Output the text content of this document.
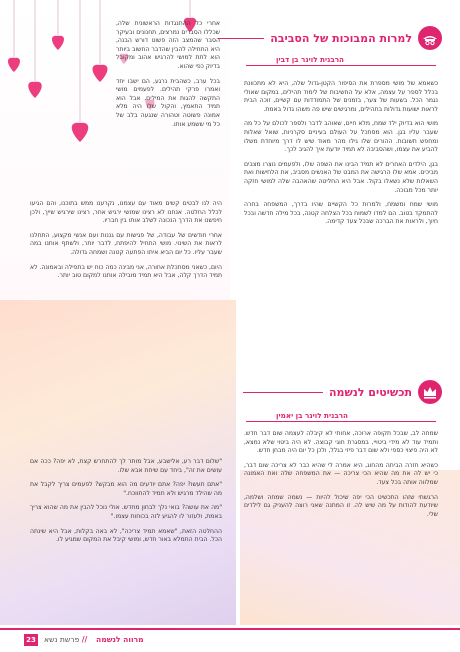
למרות המבוכות של הסביבה
הרבנית לוינר בן דבין

כשאמא של מושי מספרת את הסיפור הקטן-גדול שלה, היא לא מתכוונת בכלל לספר על עצמה, אלא על החשיבות של לימוד תהילים, במקום שאולי נגמר הכל. בשעות של צער, בזמנים של התמודדות עם קשיים, זוכה הבית לראות ישועות גדולות בתהילים, ומרגישים שיש פה משהו גדול באמת.

מושי הוא בדיוק ילד שמח, מלא חיים, שאוהב לדבר ולספר לכולם על כל מה שעבר עליו בגן. הוא מסתכל על העולם בעיניים סקרניות, שואל שאלות ומחפש תשובות. ההורים שלו גילו מהר מאוד שיש לו דרך מיוחדת משלו להביע את עצמו, ושהסביבה לא תמיד יודעת איך להגיב לכך.

בגן, הילדים האחרים לא תמיד הבינו את השפה שלו, ולפעמים נוצרו מצבים מביכים. אמא שלו הרגישה את המבט של האנשים מסביב, את הלחישות ואת השאלות שלא נשאלו בקול. אבל היא החליטה שהאהבה שלה למושי חזקה יותר מכל מבוכה.

מושי שמח ומשמח, ולמרות כל הקשיים שהיו בדרך, המשפחה בחרה להתמקד בטוב. הם למדו לשמוח בכל הצלחה קטנה, בכל מילה חדשה ובכל חיוך, ולראות את הברכה שבכל צעד קדימה.

אחרי כל ההתנגדות הראשונית שלה, שכללו הסברים נמרצים, תחנונים ובעיקר הסבר שהמצב הזה פשוט דורש הבנה, היא התחילה להבין שהדבר החשוב ביותר הוא לתת למושי להרגיש אהוב ומקובל בדיוק כפי שהוא.

בכל ערב, כשהבית נרגע, הם ישבו יחד ואמרו פרקי תהילים. לפעמים מושי התקשה להגות את המילים, אבל הוא תמיד התאמץ, והקול שלו היה מלא אמונה פשוטה וטהורה שנגעה בלב של כל מי ששמע אותו.

היה לנו לבטים קשים מאוד עם עצמנו, נקרענו ממש בתוכנו, והם הגיעו לכלל החלטה. אנחנו לא רצינו שמושי ירגיש אחר, רצינו שירגיש שייך, ולכן חיפשנו את הדרך הנכונה לשלב אותו בין חבריו.

אחרי חודשים של עבודה, של פגישות עם גננות ועם אנשי מקצוע, התחלנו לראות את השינוי. מושי התחיל להיפתח, לדבר יותר, ולשתף אותנו במה שעבר עליו. כל יום הביא איתו הפתעה קטנה ושמחה גדולה.

היום, כשאני מסתכלת אחורה, אני מבינה כמה כוח יש בתפילה ובאמונה. לא תמיד הדרך קלה, אבל היא תמיד מובילה אותנו למקום טוב יותר.

"שלום דבר רע, אלישבע, אבל מותר לך להתחרש קצת, לא יפה? ככה אם עושים את זה", ביחד עם שיחת אבא שלו.

"אתם תעשו? יפה? אתם יודעים מה הוא מבקש? לפעמים צריך לקבל את מה שהילד מרגיש ולא תמיד להתווכח."

"מה את עושה? בואי נלך לבחון מחדש. אולי נוכל להבין את מה שהוא צריך באמת, ולעזור לו להגיע לזה בכוחות עצמו."

ההחלטה הזאת, "שאמא תמיד צריכה", לא באה בקלות, אבל היא שינתה הכל. הבית התמלא באור חדש, ומושי קיבל את המקום שמגיע לו.

תכשיטים לנשמה
הרבנית לוינר בן יאמין

שמחה לב, שבכל תקופה ארוכה, אחותי לא קיבלה לעצמה שום דבר חדש. ותמיד עוד לא מידי ביטויי, במסגרת חוגי קבוצה. לא היה ביטוי שלא נמצא, לא היה פיצוי כספי ולא שום דבר פיזי בגלל, ולכן כל יום היה מבחן חדש.

כשהיא חזרה הביתה מהחוג, היא אמרה לי שהיא כבר לא צריכה שום דבר, כי יש לה את מה שהיא הכי צריכה — את המשפחה שלה ואת האמונה שמלווה אותה בכל צעד.

הרגשתי שזהו התכשיט הכי יפה שיכול להיות — נשמה שמחה ושלמה, שיודעת להודות על מה שיש לה. זו המתנה שאני רוצה להעניק גם לילדים שלי.

23	// פרשת נשא	מרווה לנשמה
